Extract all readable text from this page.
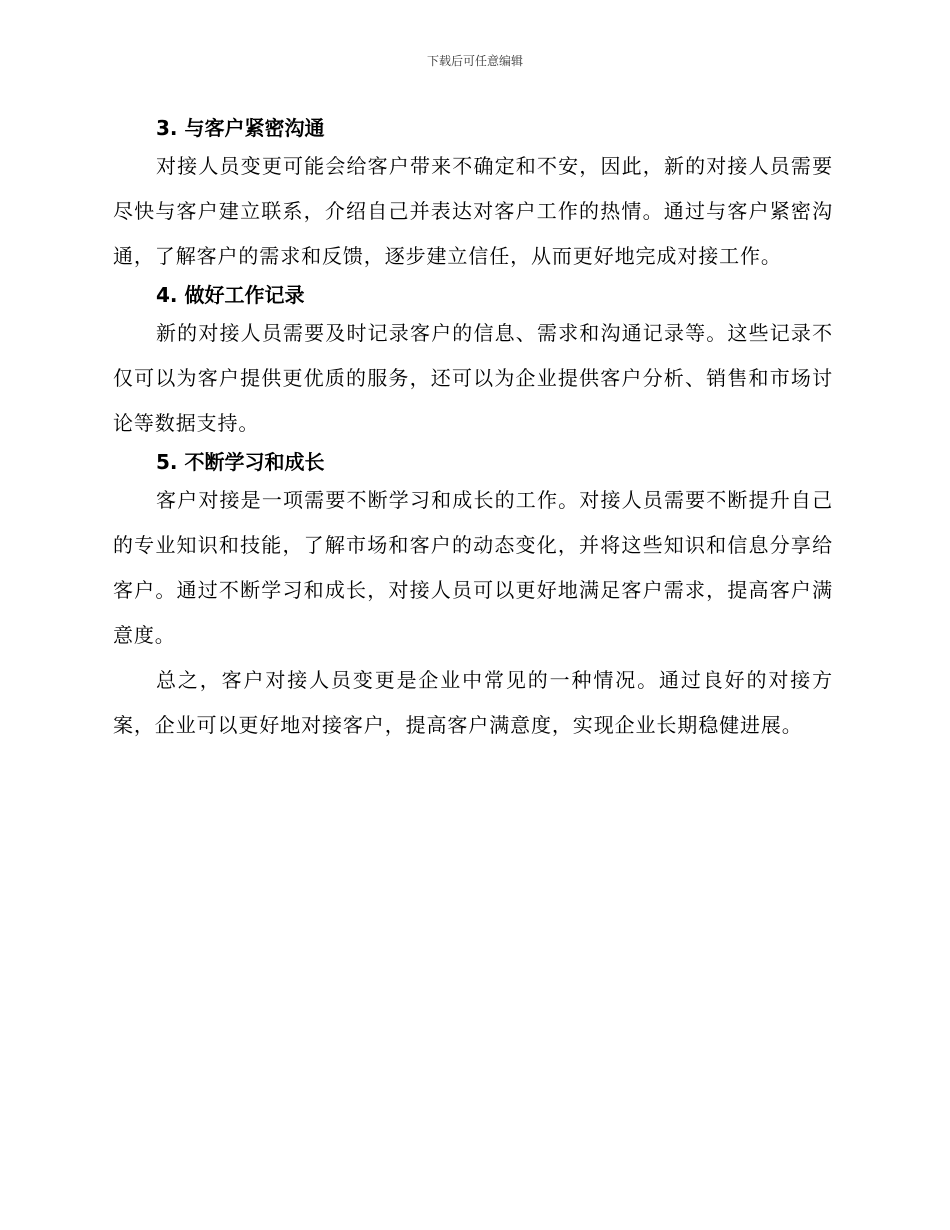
下载后可任意编辑
3. 与客户紧密沟通

对接人员变更可能会给客户带来不确定和不安，因此，新的对接人员需要尽快与客户建立联系，介绍自己并表达对客户工作的热情。通过与客户紧密沟通，了解客户的需求和反馈，逐步建立信任，从而更好地完成对接工作。

4. 做好工作记录

新的对接人员需要及时记录客户的信息、需求和沟通记录等。这些记录不仅可以为客户提供更优质的服务，还可以为企业提供客户分析、销售和市场讨论等数据支持。

5. 不断学习和成长

客户对接是一项需要不断学习和成长的工作。对接人员需要不断提升自己的专业知识和技能，了解市场和客户的动态变化，并将这些知识和信息分享给客户。通过不断学习和成长，对接人员可以更好地满足客户需求，提高客户满意度。

总之，客户对接人员变更是企业中常见的一种情况。通过良好的对接方案，企业可以更好地对接客户，提高客户满意度，实现企业长期稳健进展。
